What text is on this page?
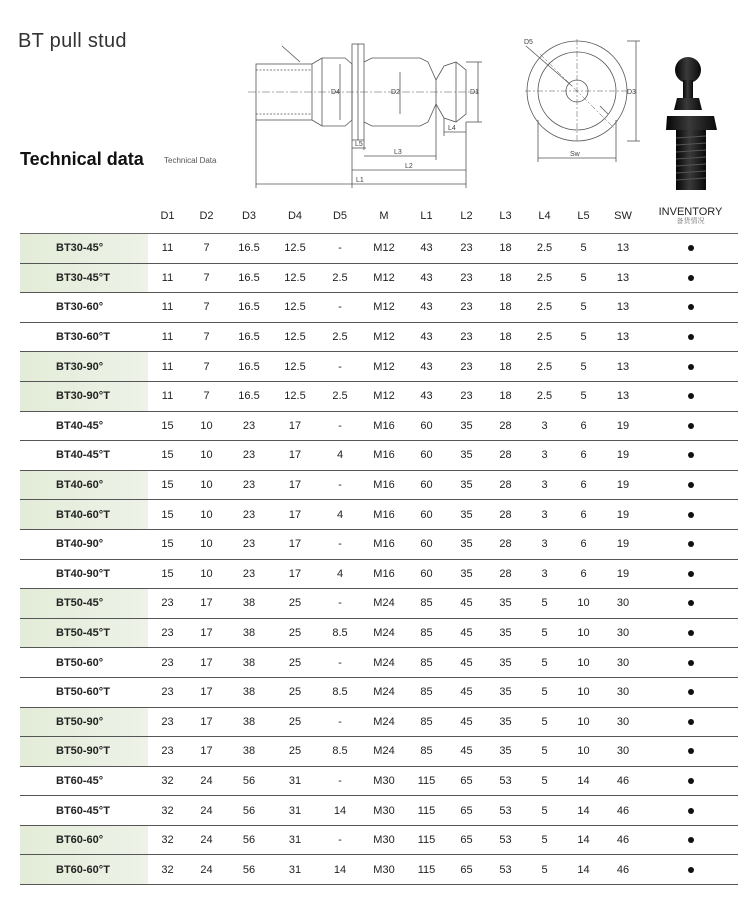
BT pull stud
D4	D2	D1
L5
L4
L3
L2
L1
D5
D3
Sw
Technical data	Technical Data
	D1	D2	D3	D4	D5	M	L1	L2	L3	L4	L5	SW	INVENTORY
备货情况

BT30-45°	11	7	16.5	12.5	-	M12	43	23	18	2.5	5	13	
BT30-45°T	11	7	16.5	12.5	2.5	M12	43	23	18	2.5	5	13	
BT30-60°	11	7	16.5	12.5	-	M12	43	23	18	2.5	5	13	
BT30-60°T	11	7	16.5	12.5	2.5	M12	43	23	18	2.5	5	13	
BT30-90°	11	7	16.5	12.5	-	M12	43	23	18	2.5	5	13	
BT30-90°T	11	7	16.5	12.5	2.5	M12	43	23	18	2.5	5	13	
BT40-45°	15	10	23	17	-	M16	60	35	28	3	6	19	
BT40-45°T	15	10	23	17	4	M16	60	35	28	3	6	19	
BT40-60°	15	10	23	17	-	M16	60	35	28	3	6	19	
BT40-60°T	15	10	23	17	4	M16	60	35	28	3	6	19	
BT40-90°	15	10	23	17	-	M16	60	35	28	3	6	19	
BT40-90°T	15	10	23	17	4	M16	60	35	28	3	6	19	
BT50-45°	23	17	38	25	-	M24	85	45	35	5	10	30	
BT50-45°T	23	17	38	25	8.5	M24	85	45	35	5	10	30	
BT50-60°	23	17	38	25	-	M24	85	45	35	5	10	30	
BT50-60°T	23	17	38	25	8.5	M24	85	45	35	5	10	30	
BT50-90°	23	17	38	25	-	M24	85	45	35	5	10	30	
BT50-90°T	23	17	38	25	8.5	M24	85	45	35	5	10	30	
BT60-45°	32	24	56	31	-	M30	115	65	53	5	14	46	
BT60-45°T	32	24	56	31	14	M30	115	65	53	5	14	46	
BT60-60°	32	24	56	31	-	M30	115	65	53	5	14	46	
BT60-60°T	32	24	56	31	14	M30	115	65	53	5	14	46	
